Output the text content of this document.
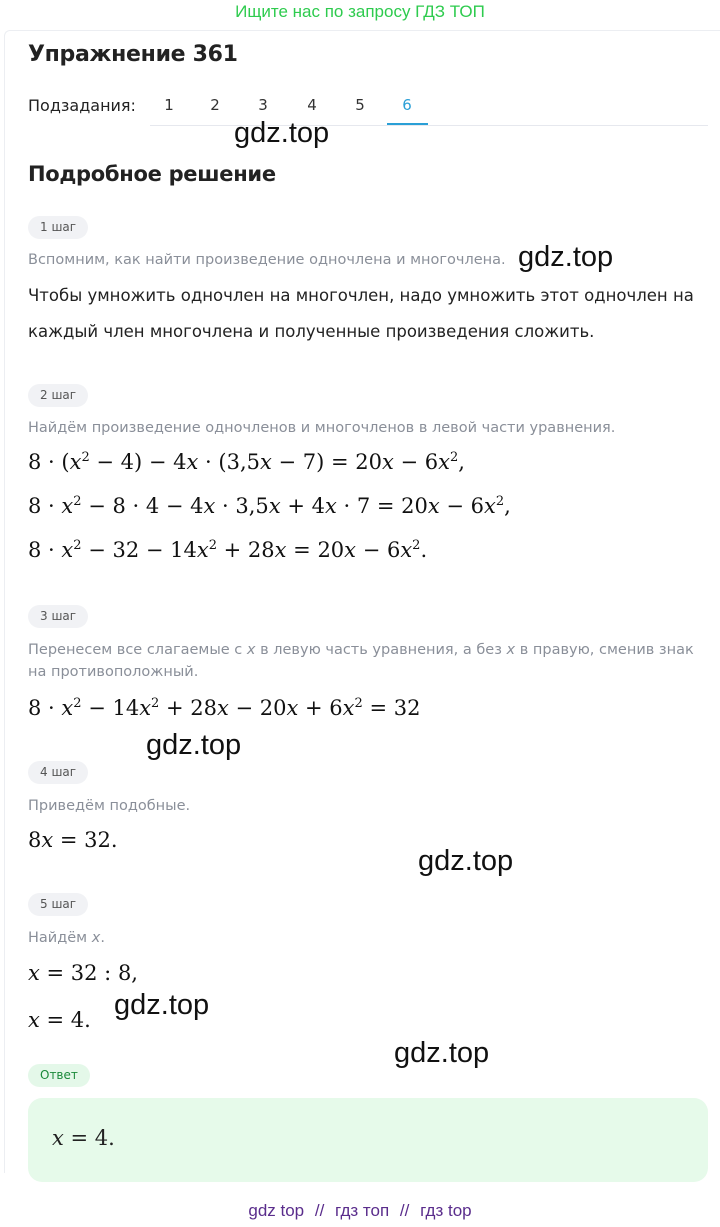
Ищите нас по запросу ГДЗ ТОП
Упражнение 361
Подзадания:	1	2	3	4	5	6
Подробное решение
1 шаг
Вспомним, как найти произведение одночлена и многочлена.
Чтобы умножить одночлен на многочлен, надо умножить этот одночлен на каждый член многочлена и полученные произведения сложить.
2 шаг
Найдём произведение одночленов и многочленов в левой части уравнения.
$8 \cdot (x^2 - 4) - 4x \cdot (3,5x - 7) = 20x - 6x^2$,
$8 \cdot x^2 - 8 \cdot 4 - 4x \cdot 3,5x + 4x \cdot 7 = 20x - 6x^2$,
$8 \cdot x^2 - 32 - 14x^2 + 28x = 20x - 6x^2$.
3 шаг
Перенесем все слагаемые с x в левую часть уравнения, а без x в правую, сменив знак на противоположный.
$8 \cdot x^2 - 14x^2 + 28x - 20x + 6x^2 = 32$
4 шаг
Приведём подобные.
8x = 32.
5 шаг
Найдём x.
x = 32 : 8,
x = 4.
Ответ
x = 4.
gdz.top
gdz.top
gdz.top
gdz.top
gdz.top
gdz.top
gdz top // гдз топ // гдз top
